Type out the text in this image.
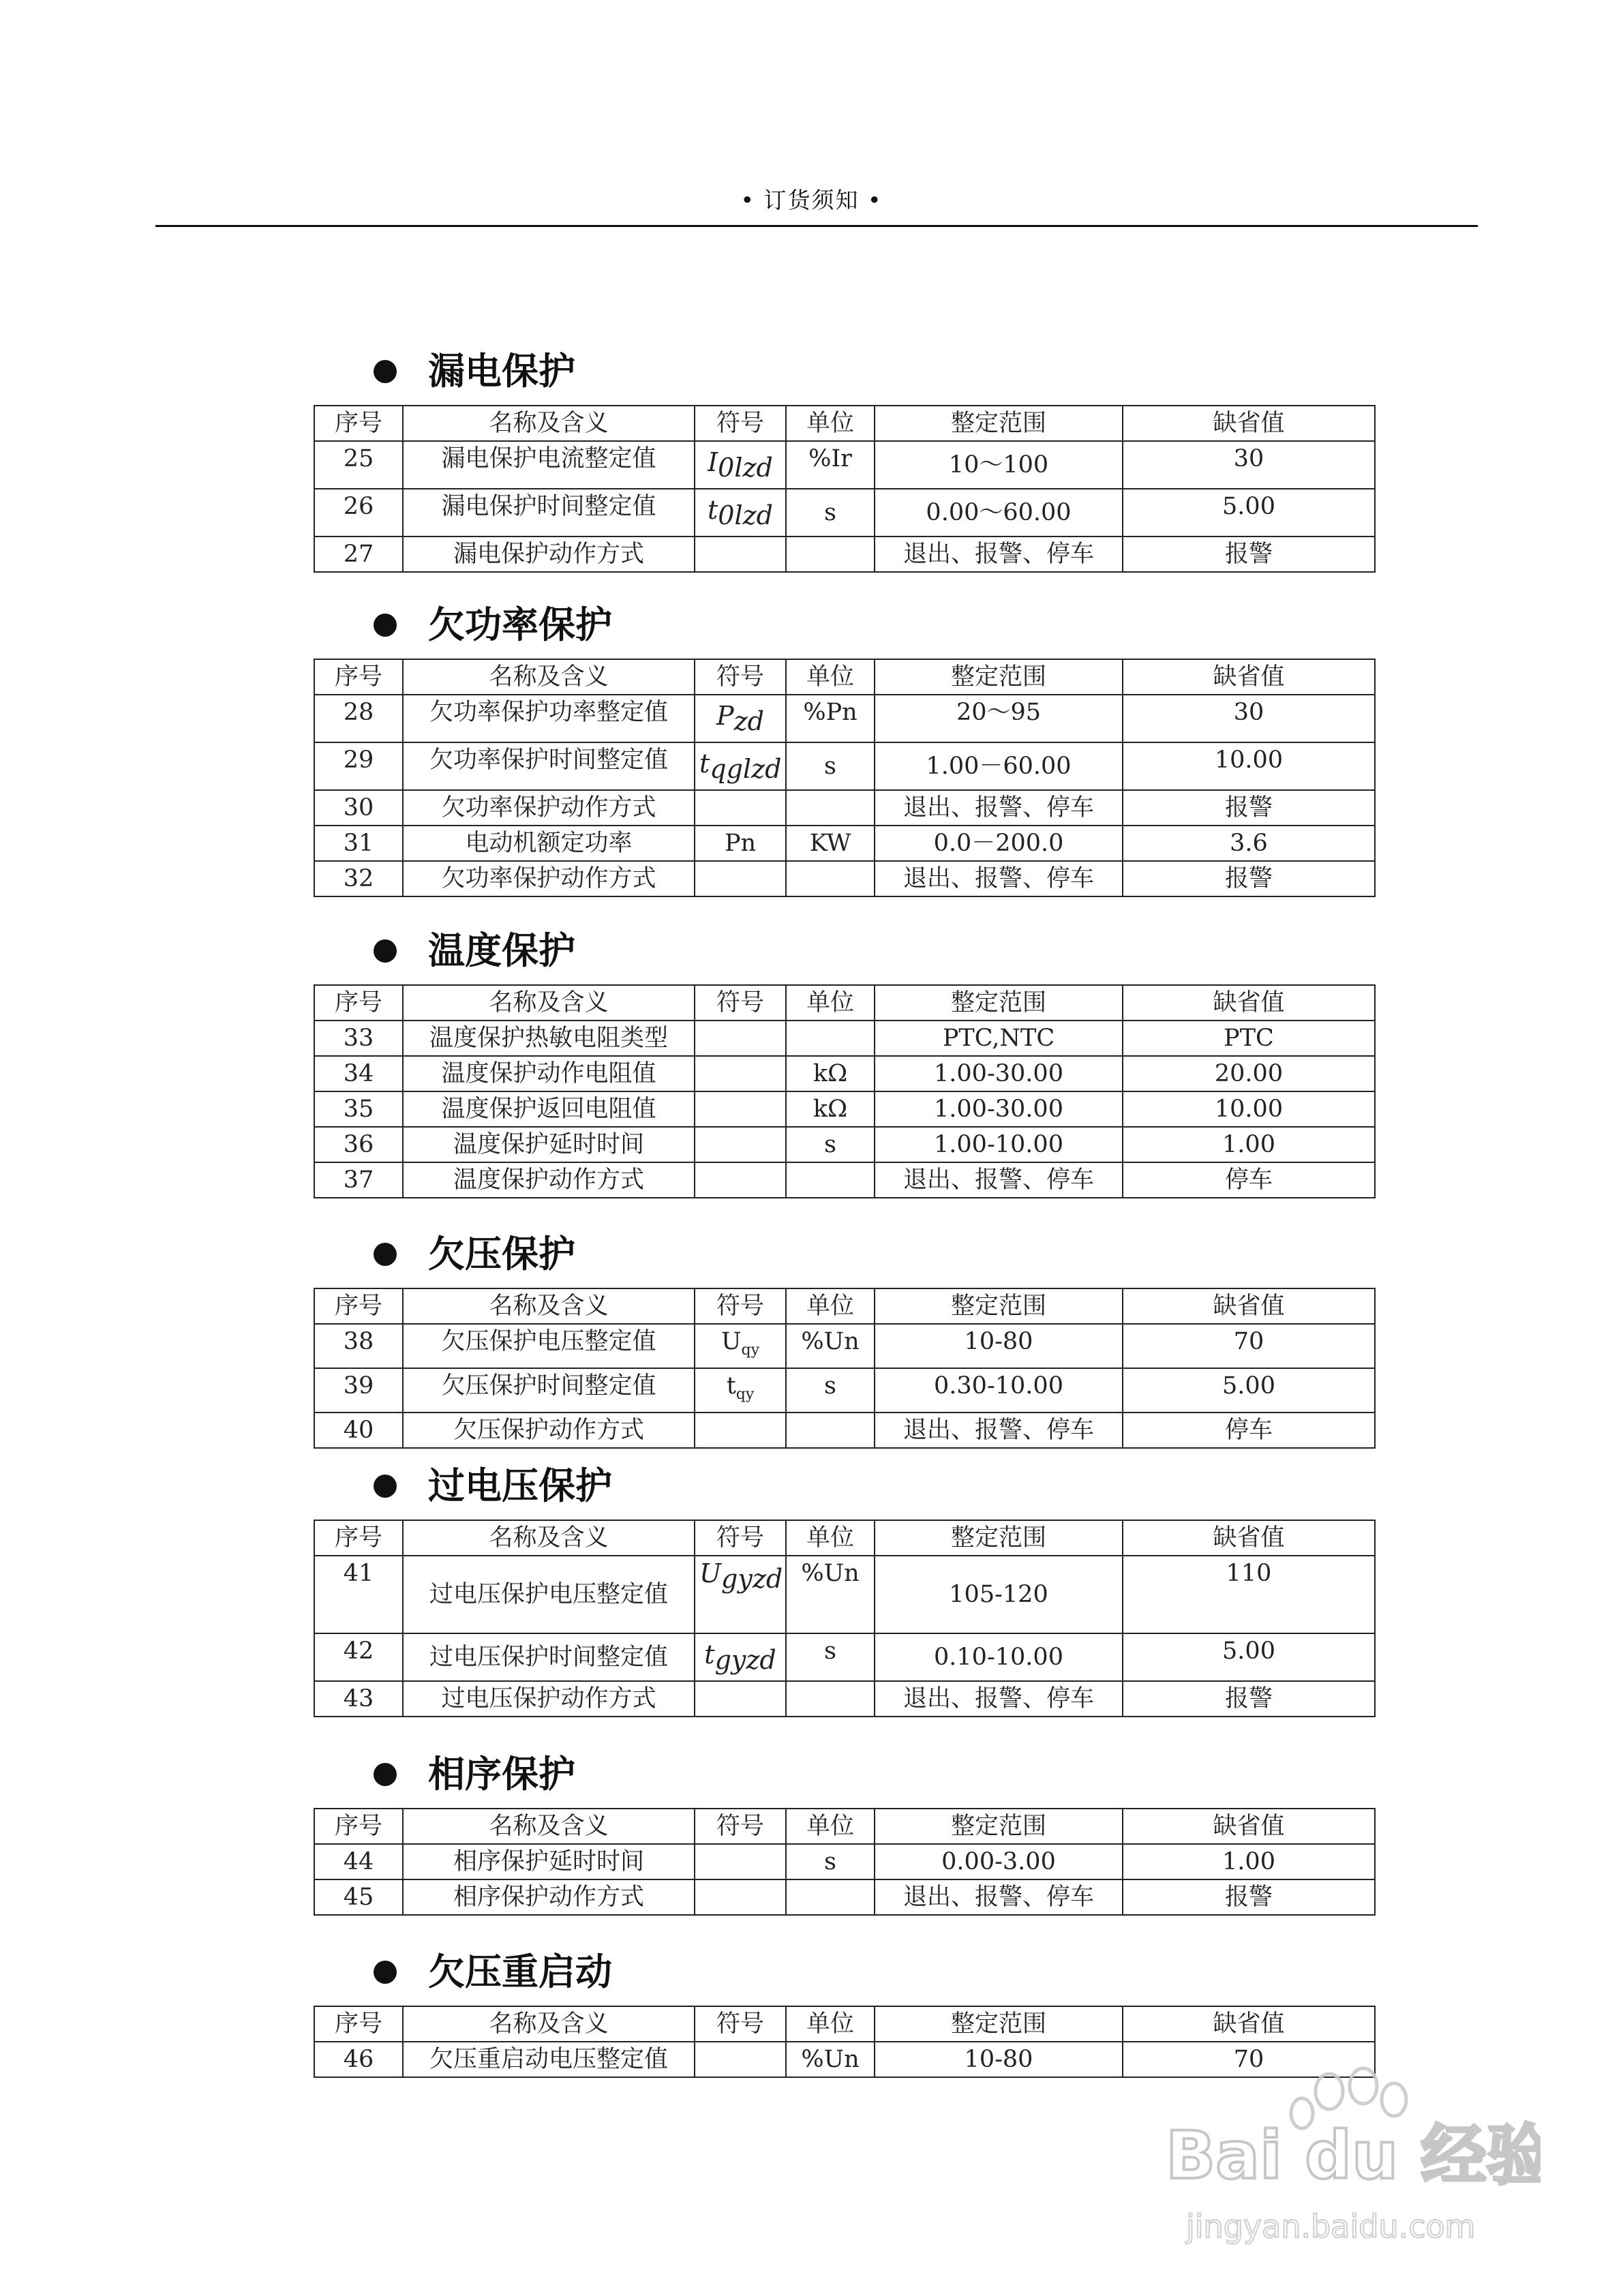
• 订货须知 •
漏电保护
序号	名称及含义	符号	单位	整定范围	缺省值
25	漏电保护电流整定值	$I_{0lzd}$	%Ir	10～100	30
26	漏电保护时间整定值	$t_{0lzd}$	s	0.00～60.00	5.00
27	漏电保护动作方式			退出、报警、停车	报警
欠功率保护
序号	名称及含义	符号	单位	整定范围	缺省值
28	欠功率保护功率整定值	$P_{zd}$	%Pn	20～95	30
29	欠功率保护时间整定值	$t_{qglzd}$	s	1.00－60.00	10.00
30	欠功率保护动作方式			退出、报警、停车	报警
31	电动机额定功率	Pn	KW	0.0－200.0	3.6
32	欠功率保护动作方式			退出、报警、停车	报警
温度保护
序号	名称及含义	符号	单位	整定范围	缺省值
33	温度保护热敏电阻类型			PTC,NTC	PTC
34	温度保护动作电阻值		kΩ	1.00-30.00	20.00
35	温度保护返回电阻值		kΩ	1.00-30.00	10.00
36	温度保护延时时间		s	1.00-10.00	1.00
37	温度保护动作方式			退出、报警、停车	停车
欠压保护
序号	名称及含义	符号	单位	整定范围	缺省值
38	欠压保护电压整定值	$U_{qy}$	%Un	10-80	70
39	欠压保护时间整定值	$t_{qy}$	s	0.30-10.00	5.00
40	欠压保护动作方式			退出、报警、停车	停车
过电压保护
序号	名称及含义	符号	单位	整定范围	缺省值
41	过电压保护电压整定值	$U_{gyzd}$	%Un	105-120	110
42	过电压保护时间整定值	$t_{gyzd}$	s	0.10-10.00	5.00
43	过电压保护动作方式			退出、报警、停车	报警
相序保护
序号	名称及含义	符号	单位	整定范围	缺省值
44	相序保护延时时间		s	0.00-3.00	1.00
45	相序保护动作方式			退出、报警、停车	报警
欠压重启动
序号	名称及含义	符号	单位	整定范围	缺省值
46	欠压重启动电压整定值		%Un	10-80	70
Bai du 经验
jingyan.baidu.com
